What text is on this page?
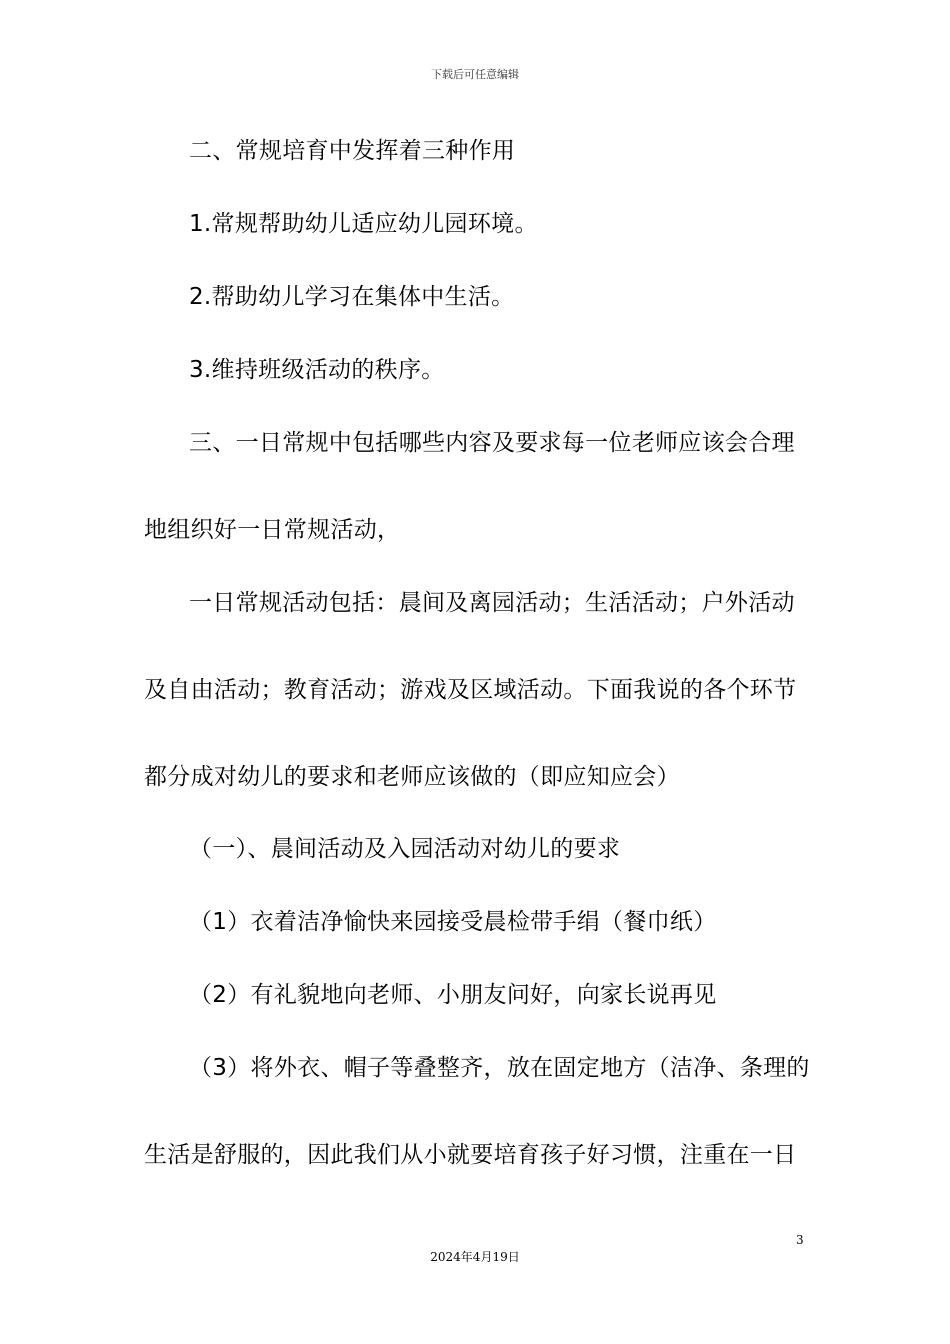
下载后可任意编辑
二、常规培育中发挥着三种作用
1.常规帮助幼儿适应幼儿园环境。
2.帮助幼儿学习在集体中生活。
3.维持班级活动的秩序。
三、一日常规中包括哪些内容及要求每一位老师应该会合理
地组织好一日常规活动，
一日常规活动包括：晨间及离园活动；生活活动；户外活动
及自由活动；教育活动；游戏及区域活动。下面我说的各个环节
都分成对幼儿的要求和老师应该做的（即应知应会）
（一）、晨间活动及入园活动对幼儿的要求
（1）衣着洁净愉快来园接受晨检带手绢（餐巾纸）
（2）有礼貌地向老师、小朋友问好，向家长说再见
（3）将外衣、帽子等叠整齐，放在固定地方（洁净、条理的
生活是舒服的，因此我们从小就要培育孩子好习惯，注重在一日
3
2024年4月19日
